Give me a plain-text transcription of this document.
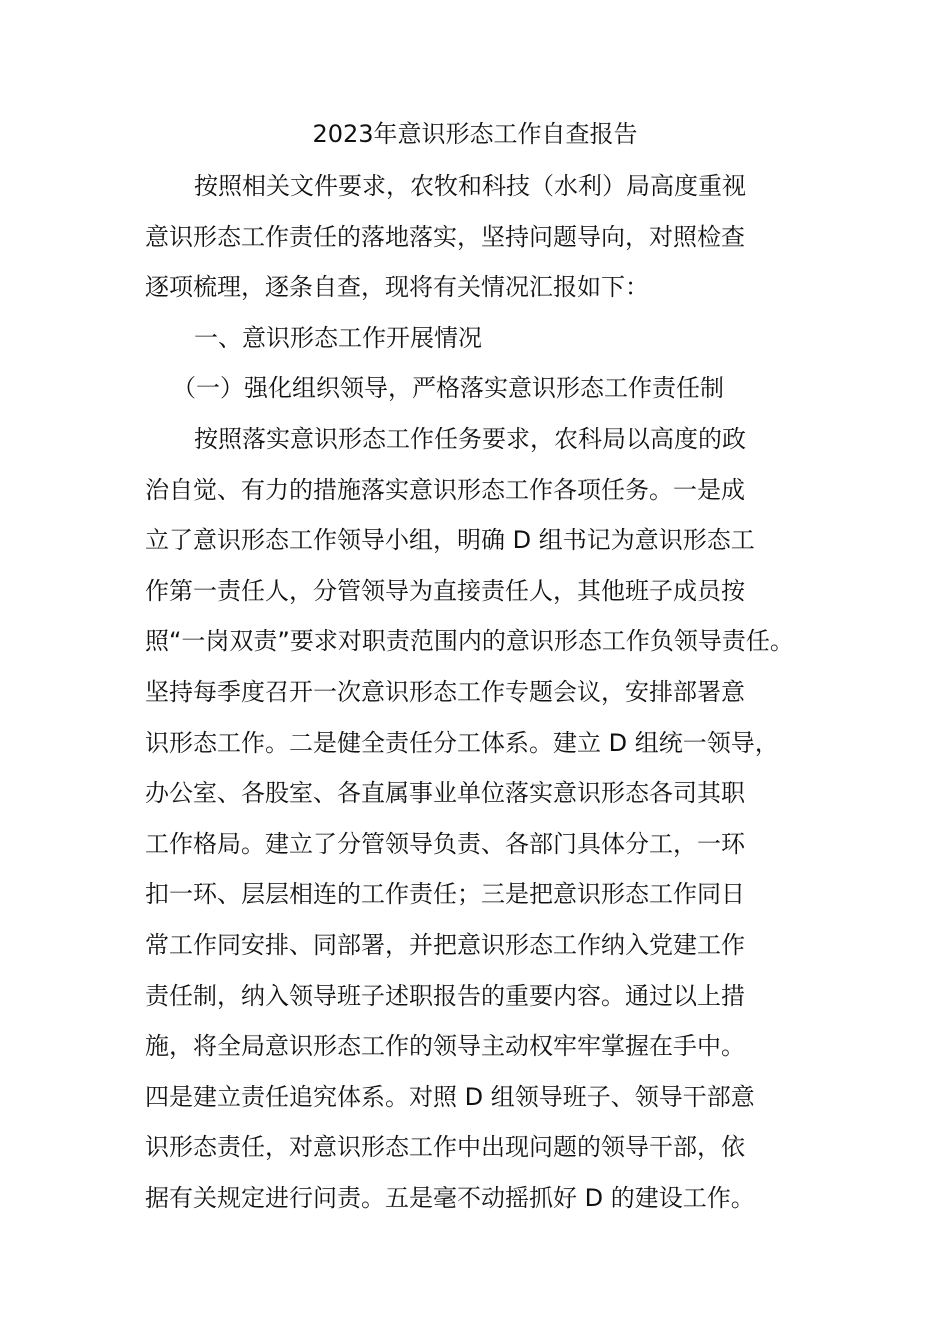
2023年意识形态工作自查报告

按照相关文件要求，农牧和科技（水利）局高度重视

意识形态工作责任的落地落实，坚持问题导向，对照检查

逐项梳理，逐条自查，现将有关情况汇报如下：

一、意识形态工作开展情况

（一）强化组织领导，严格落实意识形态工作责任制

按照落实意识形态工作任务要求，农科局以高度的政

治自觉、有力的措施落实意识形态工作各项任务。一是成

立了意识形态工作领导小组，明确 D 组书记为意识形态工

作第一责任人，分管领导为直接责任人，其他班子成员按

照“一岗双责”要求对职责范围内的意识形态工作负领导责任。

坚持每季度召开一次意识形态工作专题会议，安排部署意

识形态工作。二是健全责任分工体系。建立 D 组统一领导，

办公室、各股室、各直属事业单位落实意识形态各司其职

工作格局。建立了分管领导负责、各部门具体分工，一环

扣一环、层层相连的工作责任；三是把意识形态工作同日

常工作同安排、同部署，并把意识形态工作纳入党建工作

责任制，纳入领导班子述职报告的重要内容。通过以上措

施，将全局意识形态工作的领导主动权牢牢掌握在手中。

四是建立责任追究体系。对照 D 组领导班子、领导干部意

识形态责任，对意识形态工作中出现问题的领导干部，依

据有关规定进行问责。五是毫不动摇抓好 D 的建设工作。
